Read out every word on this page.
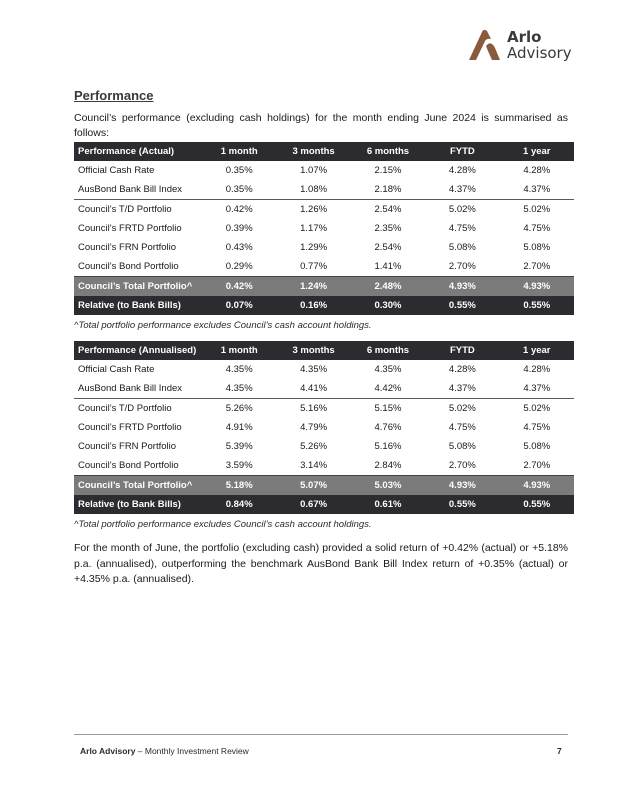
Arlo
Advisory
Performance
Council’s performance (excluding cash holdings) for the month ending June 2024 is summarised as follows:
Performance (Actual)	1 month	3 months	6 months	FYTD	1 year
Official Cash Rate	0.35%	1.07%	2.15%	4.28%	4.28%
AusBond Bank Bill Index	0.35%	1.08%	2.18%	4.37%	4.37%
Council’s T/D Portfolio	0.42%	1.26%	2.54%	5.02%	5.02%
Council’s FRTD Portfolio	0.39%	1.17%	2.35%	4.75%	4.75%
Council’s FRN Portfolio	0.43%	1.29%	2.54%	5.08%	5.08%
Council’s Bond Portfolio	0.29%	0.77%	1.41%	2.70%	2.70%
Council’s Total Portfolio^	0.42%	1.24%	2.48%	4.93%	4.93%
Relative (to Bank Bills)	0.07%	0.16%	0.30%	0.55%	0.55%
^Total portfolio performance excludes Council’s cash account holdings.
Performance (Annualised)	1 month	3 months	6 months	FYTD	1 year
Official Cash Rate	4.35%	4.35%	4.35%	4.28%	4.28%
AusBond Bank Bill Index	4.35%	4.41%	4.42%	4.37%	4.37%
Council’s T/D Portfolio	5.26%	5.16%	5.15%	5.02%	5.02%
Council’s FRTD Portfolio	4.91%	4.79%	4.76%	4.75%	4.75%
Council’s FRN Portfolio	5.39%	5.26%	5.16%	5.08%	5.08%
Council’s Bond Portfolio	3.59%	3.14%	2.84%	2.70%	2.70%
Council’s Total Portfolio^	5.18%	5.07%	5.03%	4.93%	4.93%
Relative (to Bank Bills)	0.84%	0.67%	0.61%	0.55%	0.55%
^Total portfolio performance excludes Council’s cash account holdings.
For the month of June, the portfolio (excluding cash) provided a solid return of +0.42% (actual) or +5.18% p.a. (annualised), outperforming the benchmark AusBond Bank Bill Index return of +0.35% (actual) or +4.35% p.a. (annualised).
Arlo Advisory – Monthly Investment Review	7
